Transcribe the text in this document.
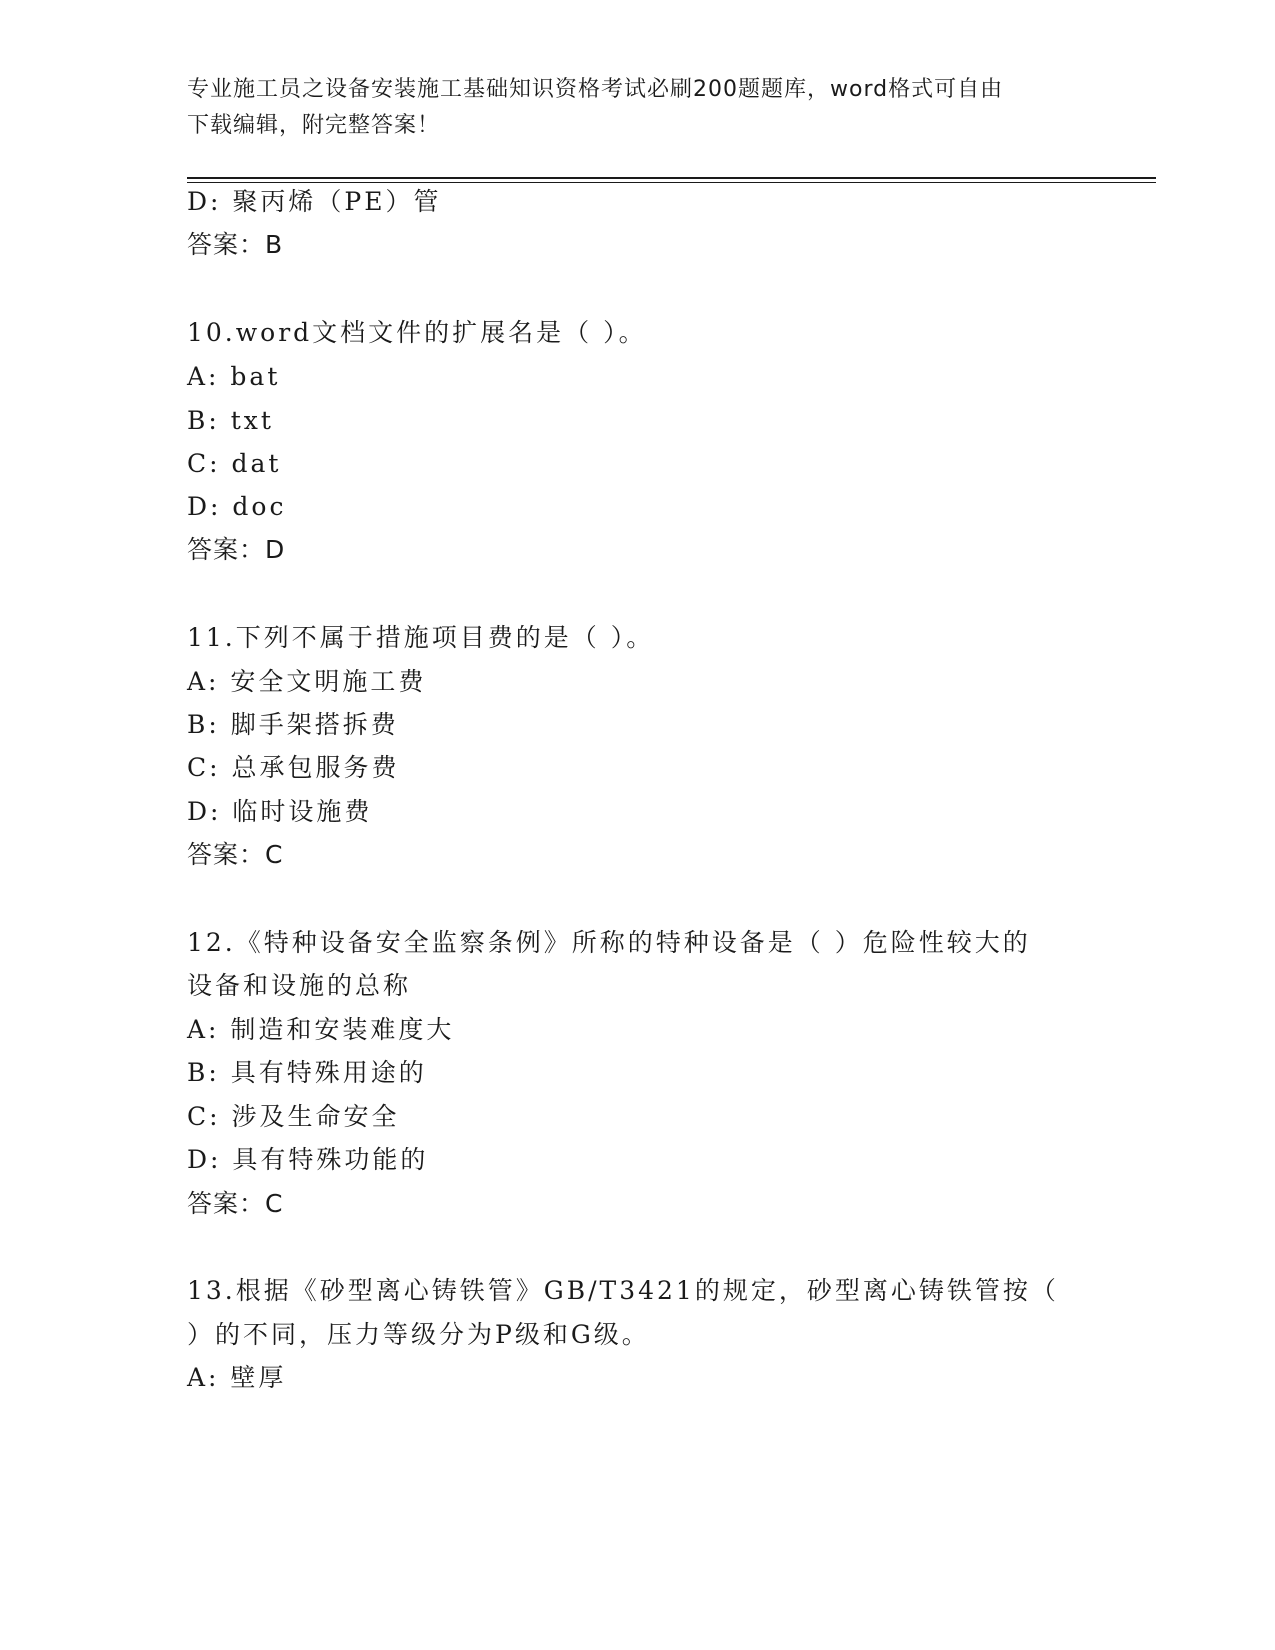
专业施工员之设备安装施工基础知识资格考试必刷200题题库，word格式可自由
下载编辑，附完整答案！
D: 聚丙烯（PE）管
答案：B
10.word文档文件的扩展名是（ ）。
A: bat
B: txt
C: dat
D: doc
答案：D
11.下列不属于措施项目费的是（ ）。
A: 安全文明施工费
B: 脚手架搭拆费
C: 总承包服务费
D: 临时设施费
答案：C
12.《特种设备安全监察条例》所称的特种设备是（ ）危险性较大的
设备和设施的总称
A: 制造和安装难度大
B: 具有特殊用途的
C: 涉及生命安全
D: 具有特殊功能的
答案：C
13.根据《砂型离心铸铁管》GB/T3421的规定，砂型离心铸铁管按（
）的不同，压力等级分为P级和G级。
A: 壁厚
